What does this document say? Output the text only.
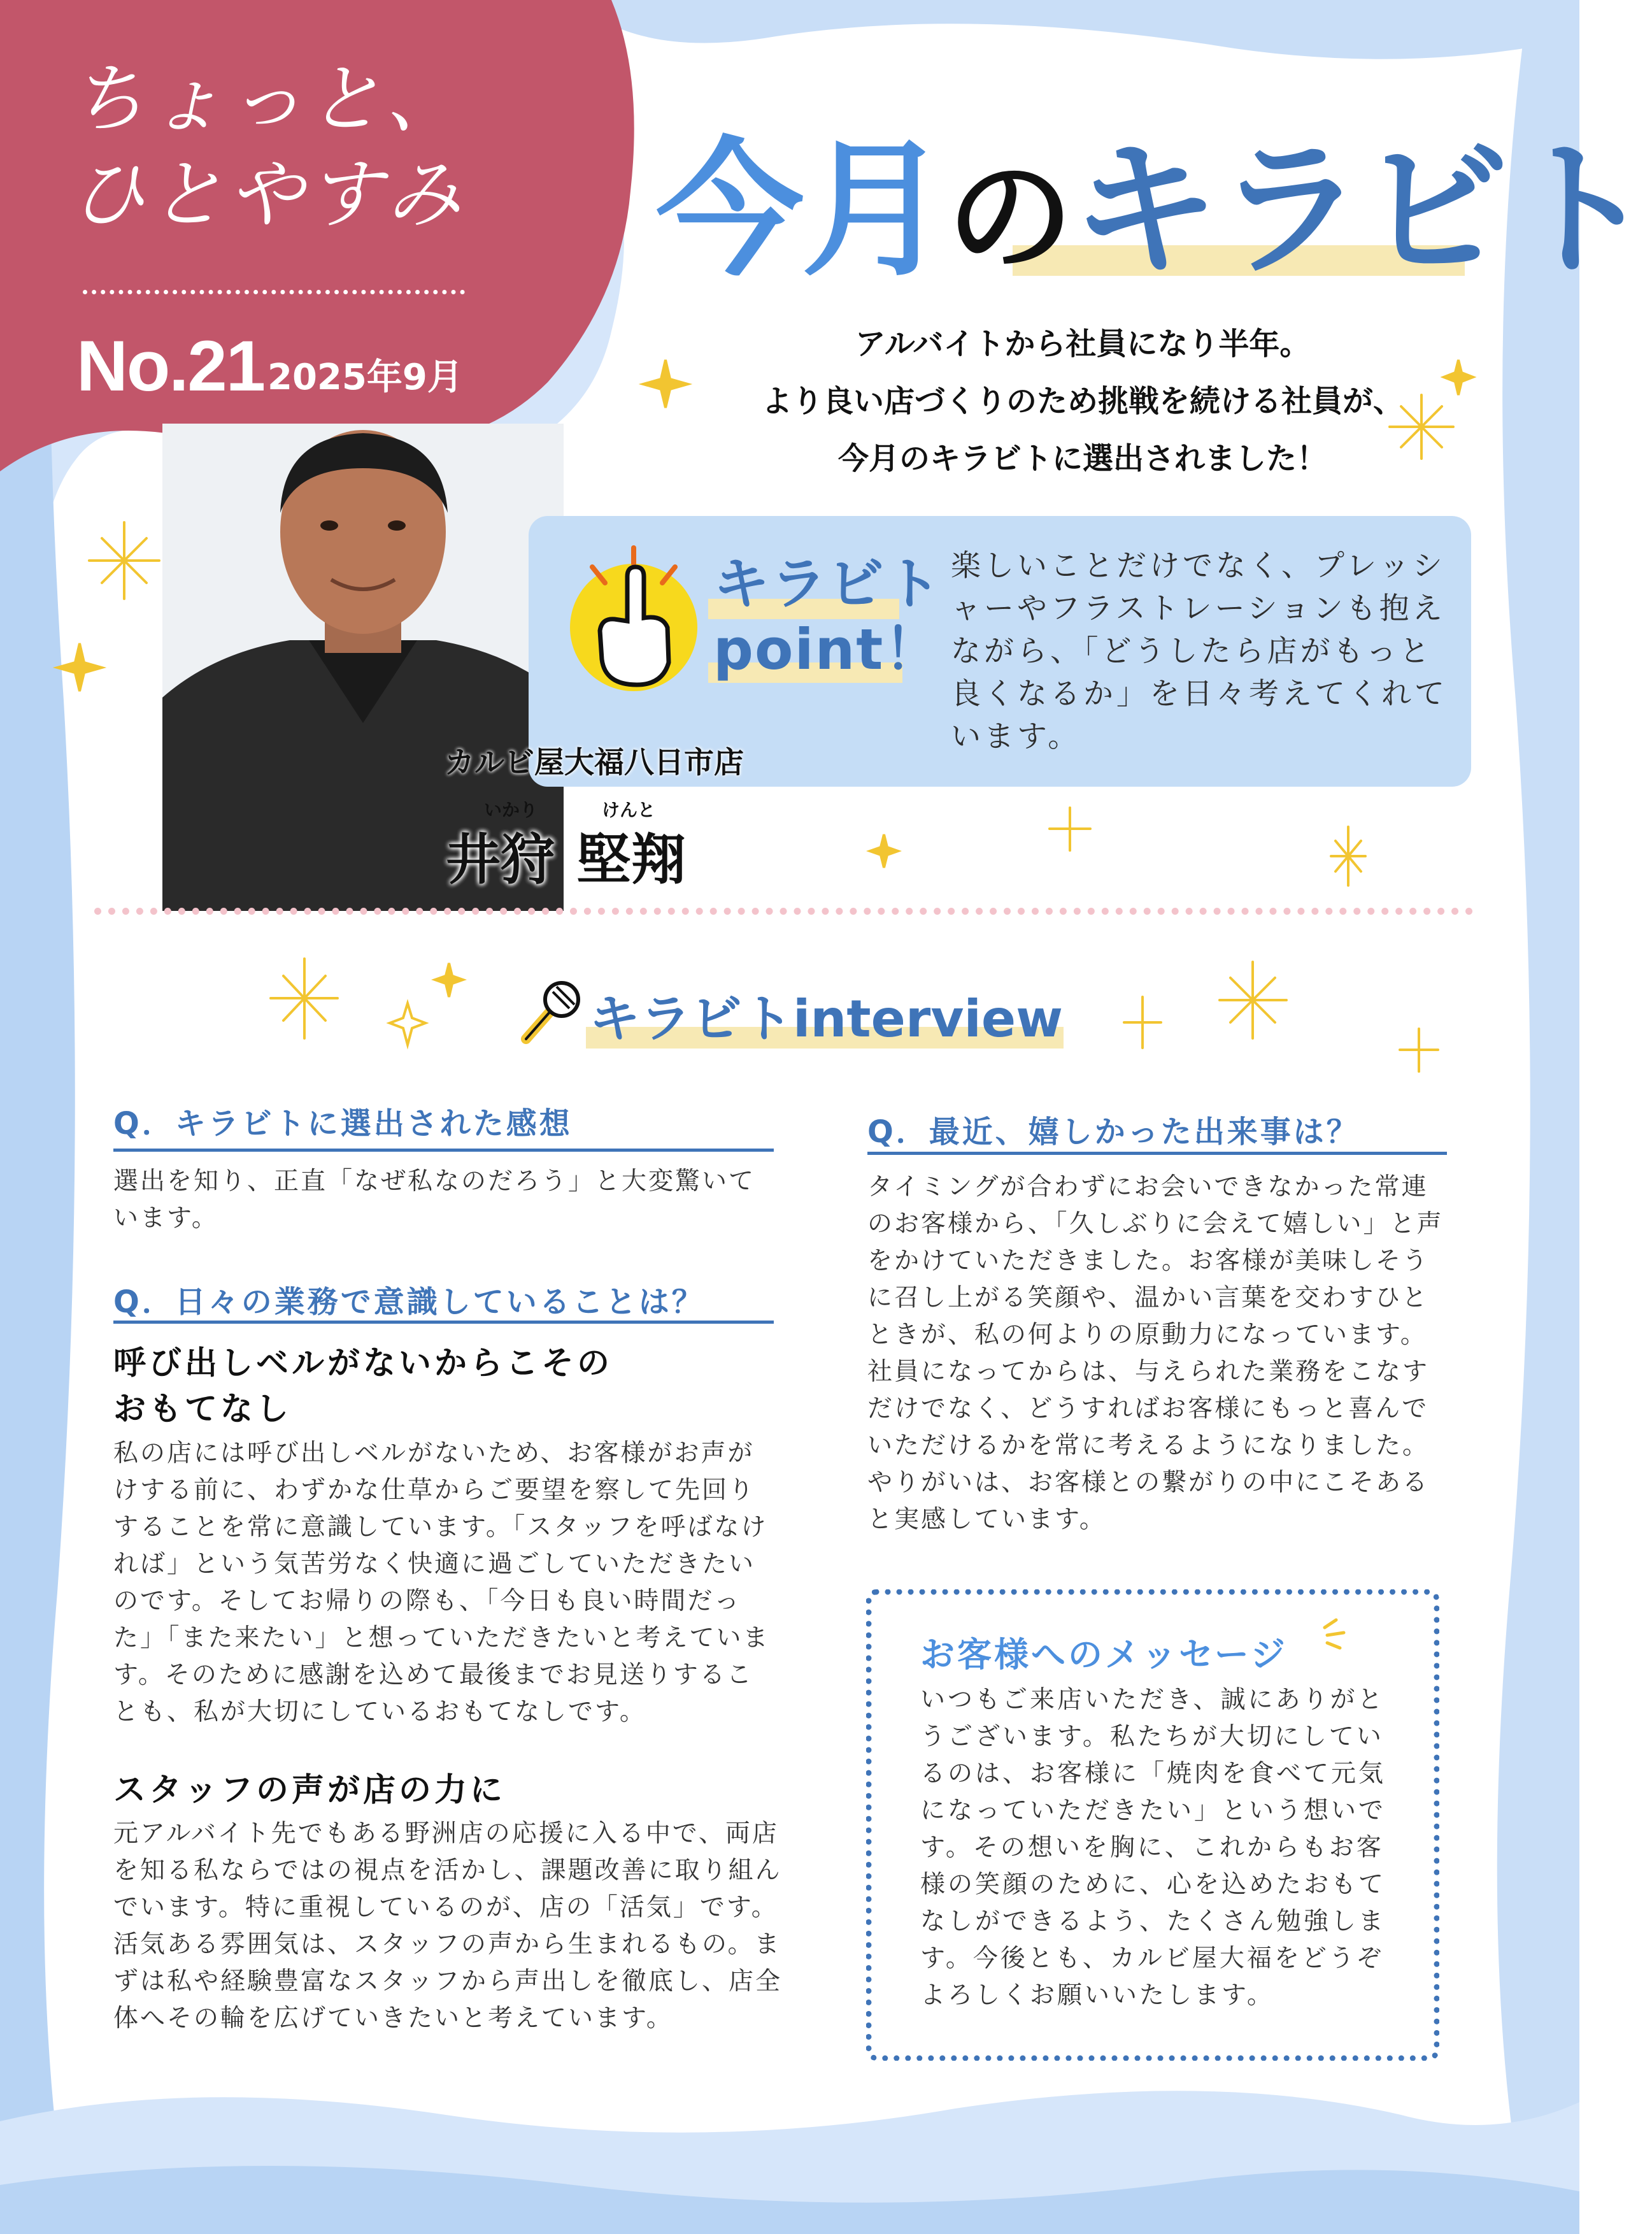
ちょっと、
ひとやすみ
No.21 2025年9月
今月のキラビト
アルバイトから社員になり半年。
より良い店づくりのため挑戦を続ける社員が、
今月のキラビトに選出されました！
キラビト
point！
楽しいことだけでなく、プレッシャーやフラストレーションも抱えながら、「どうしたら店がもっと良くなるか」を日々考えてくれています。
カルビ屋大福八日市店
いかり	けんと
井狩 堅翔
キラビトinterview
Q．キラビトに選出された感想
選出を知り、正直「なぜ私なのだろう」と大変驚いています。
Q．日々の業務で意識していることは？
呼び出しベルがないからこその
おもてなし
私の店には呼び出しベルがないため、お客様がお声がけする前に、わずかな仕草からご要望を察して先回りすることを常に意識しています。「スタッフを呼ばなければ」という気苦労なく快適に過ごしていただきたいのです。そしてお帰りの際も、「今日も良い時間だった」「また来たい」と想っていただきたいと考えています。そのために感謝を込めて最後までお見送りすることも、私が大切にしているおもてなしです。
スタッフの声が店の力に
元アルバイト先でもある野洲店の応援に入る中で、両店を知る私ならではの視点を活かし、課題改善に取り組んでいます。特に重視しているのが、店の「活気」です。活気ある雰囲気は、スタッフの声から生まれるもの。まずは私や経験豊富なスタッフから声出しを徹底し、店全体へその輪を広げていきたいと考えています。
Q．最近、嬉しかった出来事は？
タイミングが合わずにお会いできなかった常連のお客様から、「久しぶりに会えて嬉しい」と声をかけていただきました。お客様が美味しそうに召し上がる笑顔や、温かい言葉を交わすひとときが、私の何よりの原動力になっています。社員になってからは、与えられた業務をこなすだけでなく、どうすればお客様にもっと喜んでいただけるかを常に考えるようになりました。やりがいは、お客様との繋がりの中にこそあると実感しています。
お客様へのメッセージ
いつもご来店いただき、誠にありがとうございます。私たちが大切にしているのは、お客様に「焼肉を食べて元気になっていただきたい」という想いです。その想いを胸に、これからもお客様の笑顔のために、心を込めたおもてなしができるよう、たくさん勉強します。今後とも、カルビ屋大福をどうぞよろしくお願いいたします。
